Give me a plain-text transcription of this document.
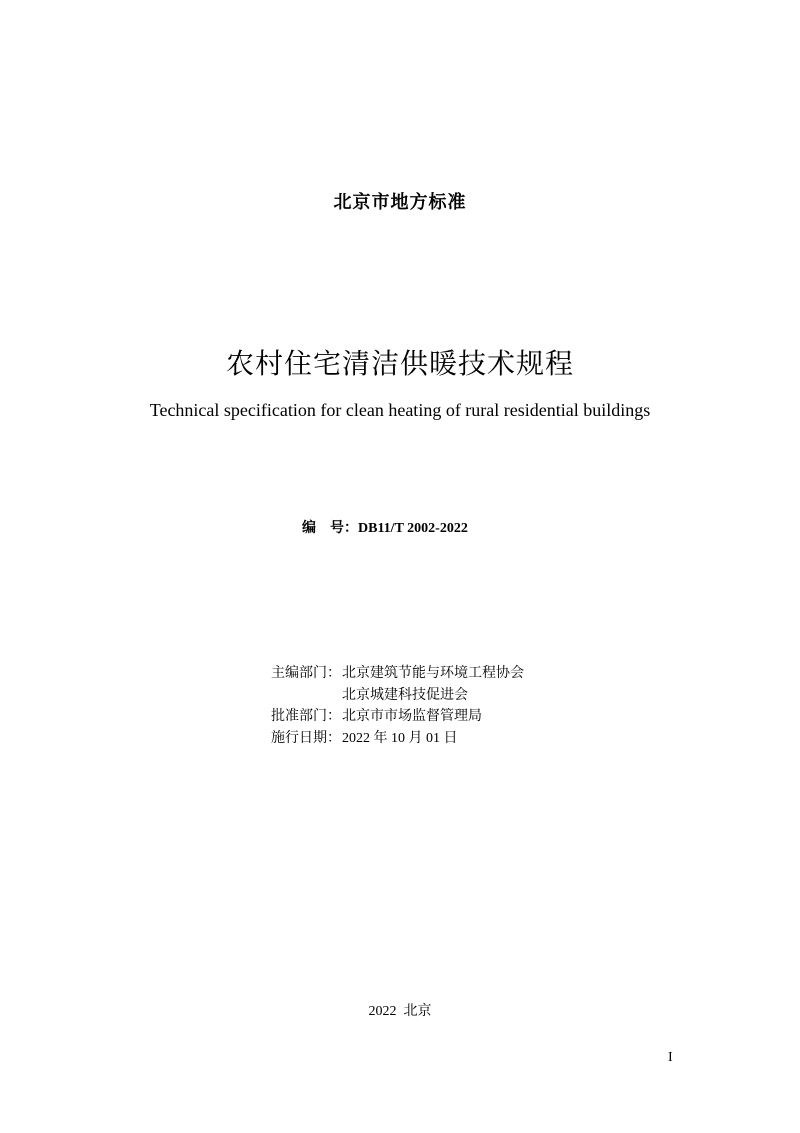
北京市地方标准
农村住宅清洁供暖技术规程
Technical specification for clean heating of rural residential buildings
编    号：DB11/T 2002-2022
主编部门： 北京建筑节能与环境工程协会
北京城建科技促进会
批准部门： 北京市市场监督管理局
施行日期： 2022 年 10 月 01 日
2022  北京
I
